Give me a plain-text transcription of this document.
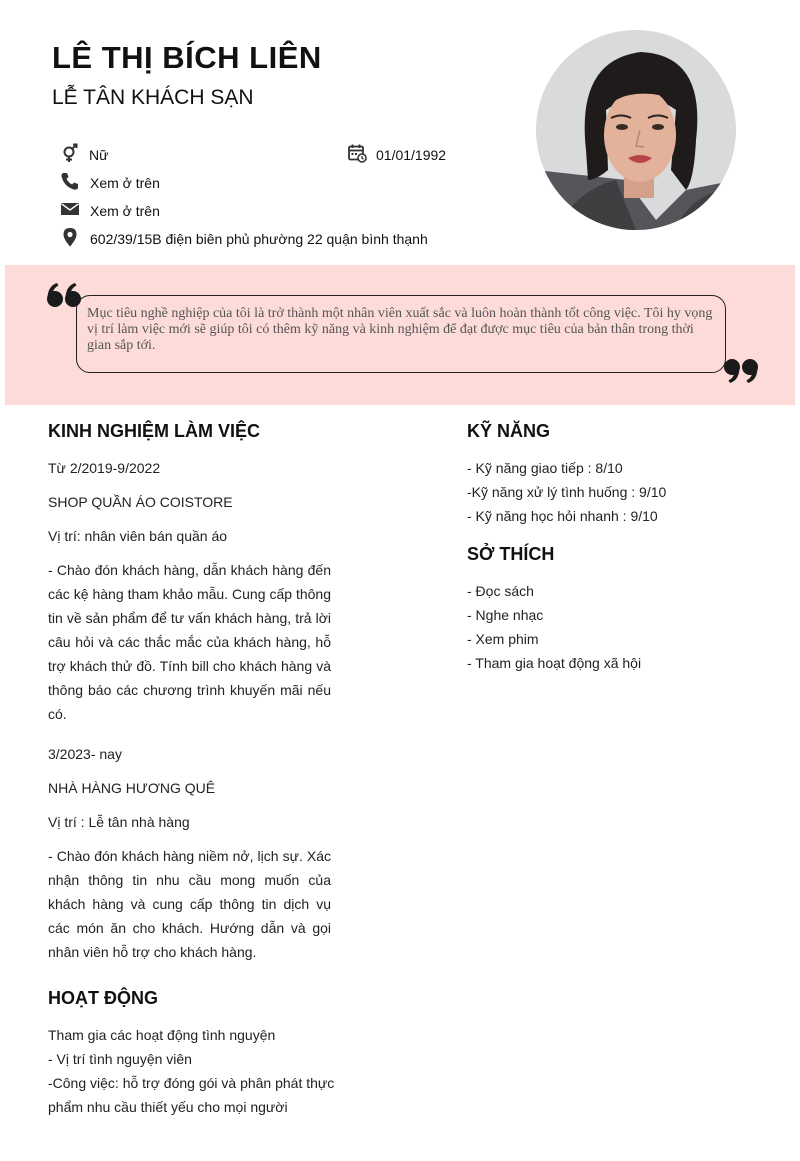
LÊ THỊ BÍCH LIÊN
LỄ TÂN KHÁCH SẠN
Nữ	01/01/1992
Xem ở trên
Xem ở trên
602/39/15B điện biên phủ phường 22 quận bình thạnh
Mục tiêu nghề nghiệp của tôi là trở thành một nhân viên xuất sắc và luôn hoàn thành tốt công việc. Tôi hy vọng vị trí làm việc mới sẽ giúp tôi có thêm kỹ năng và kinh nghiệm để đạt được mục tiêu của bản thân trong thời gian sắp tới.
KINH NGHIỆM LÀM VIỆC
Từ 2/2019-9/2022
SHOP QUẦN ÁO COISTORE
Vị trí: nhân viên bán quần áo
- Chào đón khách hàng, dẫn khách hàng đến các kệ hàng tham khảo mẫu. Cung cấp thông tin về sản phẩm để tư vấn khách hàng, trả lời câu hỏi và các thắc mắc của khách hàng, hỗ trợ khách thử đồ. Tính bill cho khách hàng và thông báo các chương trình khuyến mãi nếu có.
3/2023- nay
NHÀ HÀNG HƯƠNG QUÊ
Vị trí : Lễ tân nhà hàng
- Chào đón khách hàng niềm nở, lịch sự. Xác nhận thông tin nhu cầu mong muốn của khách hàng và cung cấp thông tin dịch vụ các món ăn cho khách. Hướng dẫn và gọi nhân viên hỗ trợ cho khách hàng.
HOẠT ĐỘNG
Tham gia các hoạt động tình nguyện
- Vị trí tình nguyện viên
-Công việc: hỗ trợ đóng gói và phân phát thực
phẩm nhu cầu thiết yếu cho mọi người
KỸ NĂNG
- Kỹ năng giao tiếp : 8/10
-Kỹ năng xử lý tình huống : 9/10
- Kỹ năng học hỏi nhanh : 9/10
SỞ THÍCH
- Đọc sách
- Nghe nhạc
- Xem phim
- Tham gia hoạt động xã hội
